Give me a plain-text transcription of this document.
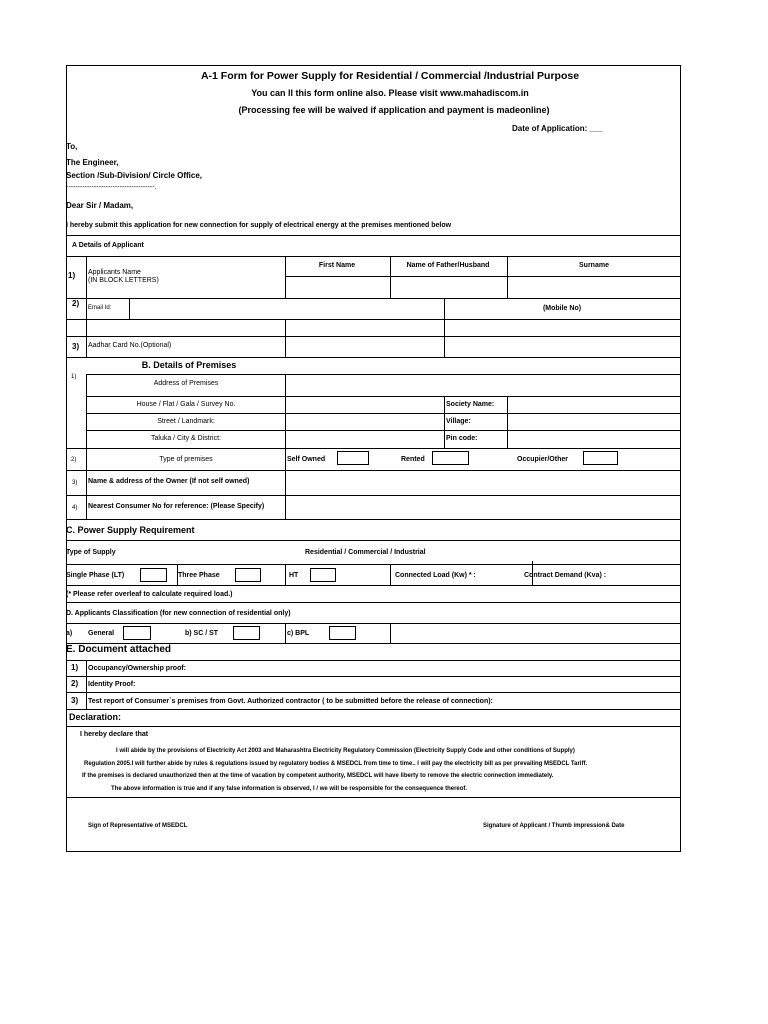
A-1 Form for Power Supply for Residential / Commercial /Industrial Purpose
You can ll this form online also. Please visit www.mahadiscom.in
(Processing fee will be waived if application and payment is madeonline)
Date of Application: ___
To,
The Engineer,
Section /Sub-Division/ Circle Office,
--------------------------------------.
Dear Sir / Madam,
I hereby submit this application for new connection for supply of electrical energy at the premises mentioned below
A Details of Applicant
1) Applicants Name
(IN BLOCK LETTERS)
First Name	Name of Father/Husband	Surname
2) Email Id:	(Mobile No)
3) Aadhar Card No.(Optional)
B. Details of Premises
1)
Address of Premises
House / Flat / Gala / Survey No.	Society Name:
Street / Landmark:	Village:
Taluka / City & District:	Pin code:
2)	Type of premises	Self Owned	Rented	Occupier/Other
3) Name & address of the Owner (If not self owned)
4) Nearest Consumer No for reference: (Please Specify)
C. Power Supply Requirement
Type of Supply	Residential / Commercial / Industrial
Single Phase (LT)	Three Phase	HT	Connected Load (Kw) * :	Contract Demand (Kva) :
(* Please refer overleaf to calculate required load.)
D. Applicants Classification (for new connection of residential only)
a) General	b) SC / ST	c) BPL
E. Document attached
1) Occupancy/Ownership proof:
2) Identity Proof:
3) Test report of Consumer`s premises from Govt. Authorized contractor ( to be submitted before the release of connection):
Declaration:
I hereby declare that
I will abide by the provisions of Electricity Act 2003 and Maharashtra Electricity Regulatory Commission (Electricity Supply Code and other conditions of Supply)
Regulation 2005.I will further abide by rules & regulations issued by regulatory bodies & MSEDCL from time to time.. I will pay the electricity bill as per prevailing MSEDCL Tariff.
If the premises is declared unauthorized then at the time of vacation by competent authority, MSEDCL will have liberty to remove the electric connection immediately.
The above information is true and if any false information is observed, I / we will be responsible for the consequence thereof.
Sign of Representative of MSEDCL	Signature of Applicant / Thumb impression& Date
